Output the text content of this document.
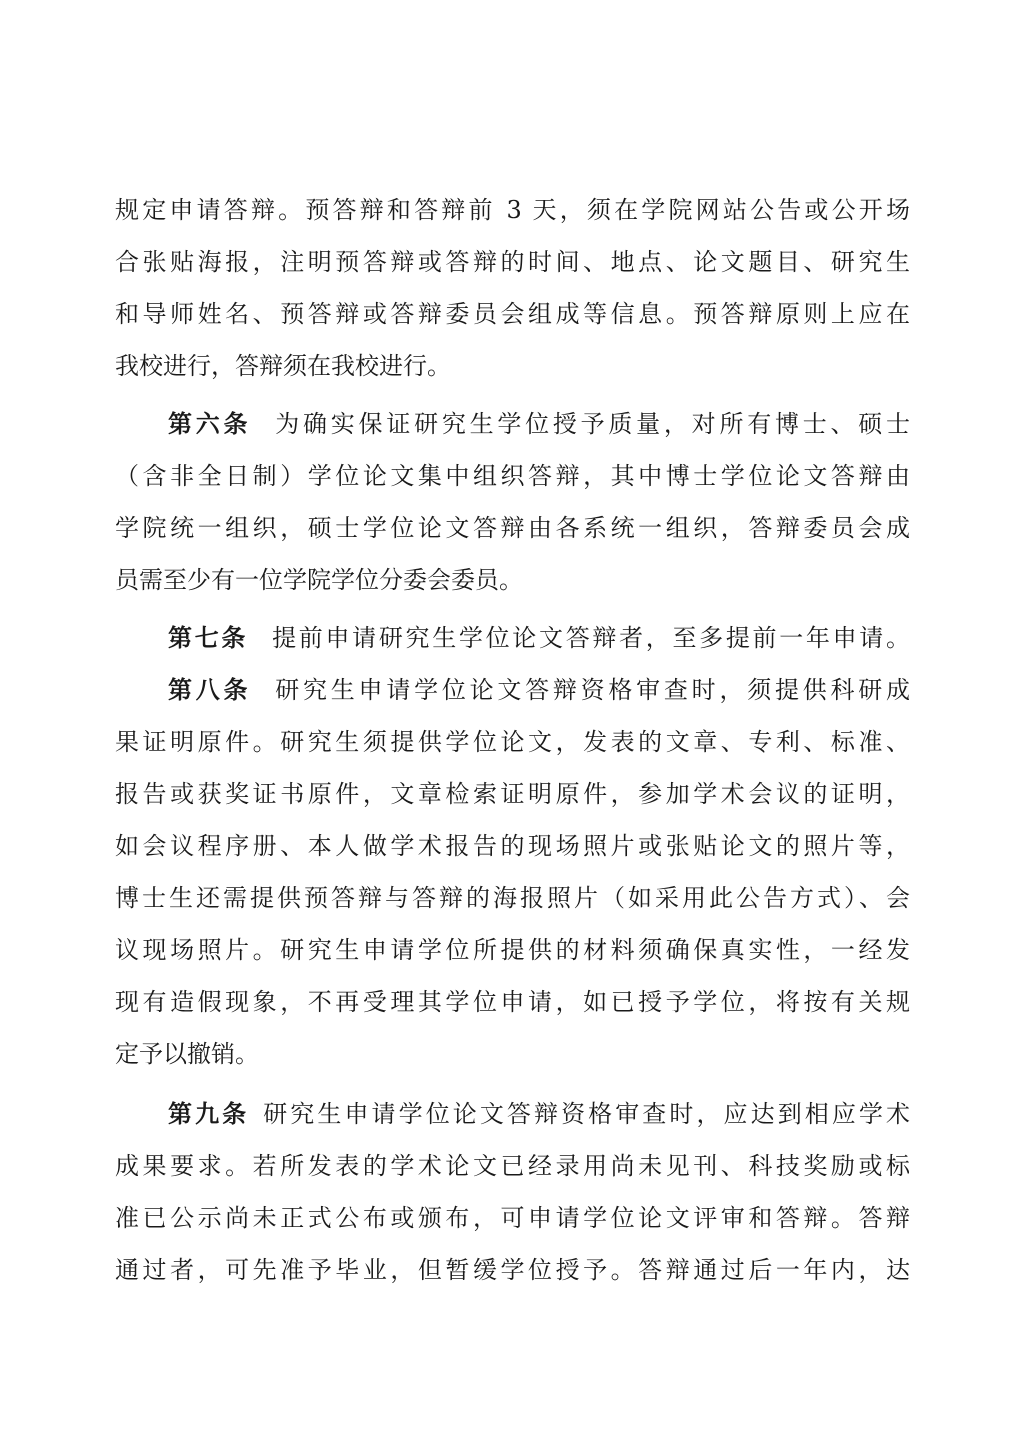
规定申请答辩。预答辩和答辩前 3 天，须在学院网站公告或公开场
合张贴海报，注明预答辩或答辩的时间、地点、论文题目、研究生
和导师姓名、预答辩或答辩委员会组成等信息。预答辩原则上应在
我校进行，答辩须在我校进行。
第六条 为确实保证研究生学位授予质量，对所有博士、硕士
（含非全日制）学位论文集中组织答辩，其中博士学位论文答辩由
学院统一组织，硕士学位论文答辩由各系统一组织，答辩委员会成
员需至少有一位学院学位分委会委员。
第七条 提前申请研究生学位论文答辩者，至多提前一年申请。
第八条 研究生申请学位论文答辩资格审查时，须提供科研成
果证明原件。研究生须提供学位论文，发表的文章、专利、标准、
报告或获奖证书原件，文章检索证明原件，参加学术会议的证明，
如会议程序册、本人做学术报告的现场照片或张贴论文的照片等，
博士生还需提供预答辩与答辩的海报照片（如采用此公告方式）、会
议现场照片。研究生申请学位所提供的材料须确保真实性，一经发
现有造假现象，不再受理其学位申请，如已授予学位，将按有关规
定予以撤销。
第九条 研究生申请学位论文答辩资格审查时，应达到相应学术
成果要求。若所发表的学术论文已经录用尚未见刊、科技奖励或标
准已公示尚未正式公布或颁布，可申请学位论文评审和答辩。答辩
通过者，可先准予毕业，但暂缓学位授予。答辩通过后一年内，达
